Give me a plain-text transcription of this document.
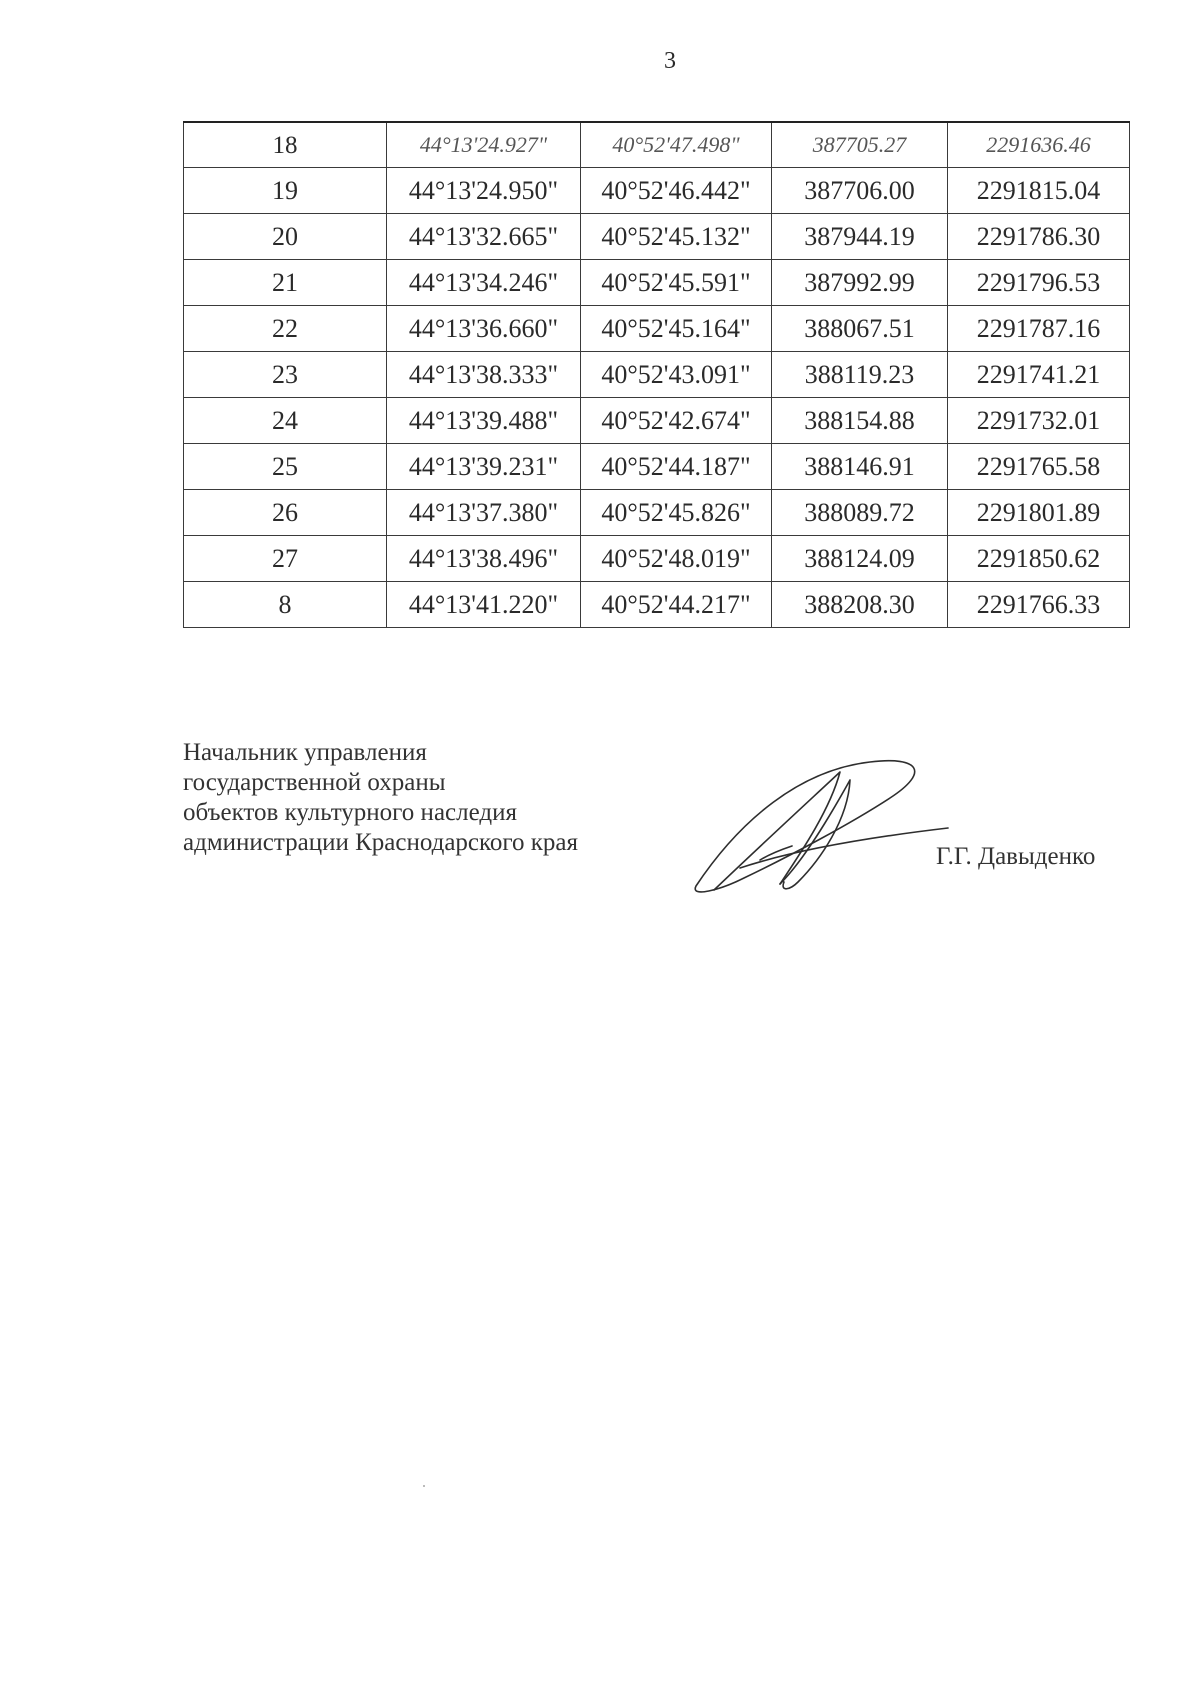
3
18	44°13'24.927"	40°52'47.498"	387705.27	2291636.46
19	44°13'24.950"	40°52'46.442"	387706.00	2291815.04
20	44°13'32.665"	40°52'45.132"	387944.19	2291786.30
21	44°13'34.246"	40°52'45.591"	387992.99	2291796.53
22	44°13'36.660"	40°52'45.164"	388067.51	2291787.16
23	44°13'38.333"	40°52'43.091"	388119.23	2291741.21
24	44°13'39.488"	40°52'42.674"	388154.88	2291732.01
25	44°13'39.231"	40°52'44.187"	388146.91	2291765.58
26	44°13'37.380"	40°52'45.826"	388089.72	2291801.89
27	44°13'38.496"	40°52'48.019"	388124.09	2291850.62
8	44°13'41.220"	40°52'44.217"	388208.30	2291766.33
Начальник управления
государственной охраны
объектов культурного наследия
администрации Краснодарского края
Г.Г. Давыденко
